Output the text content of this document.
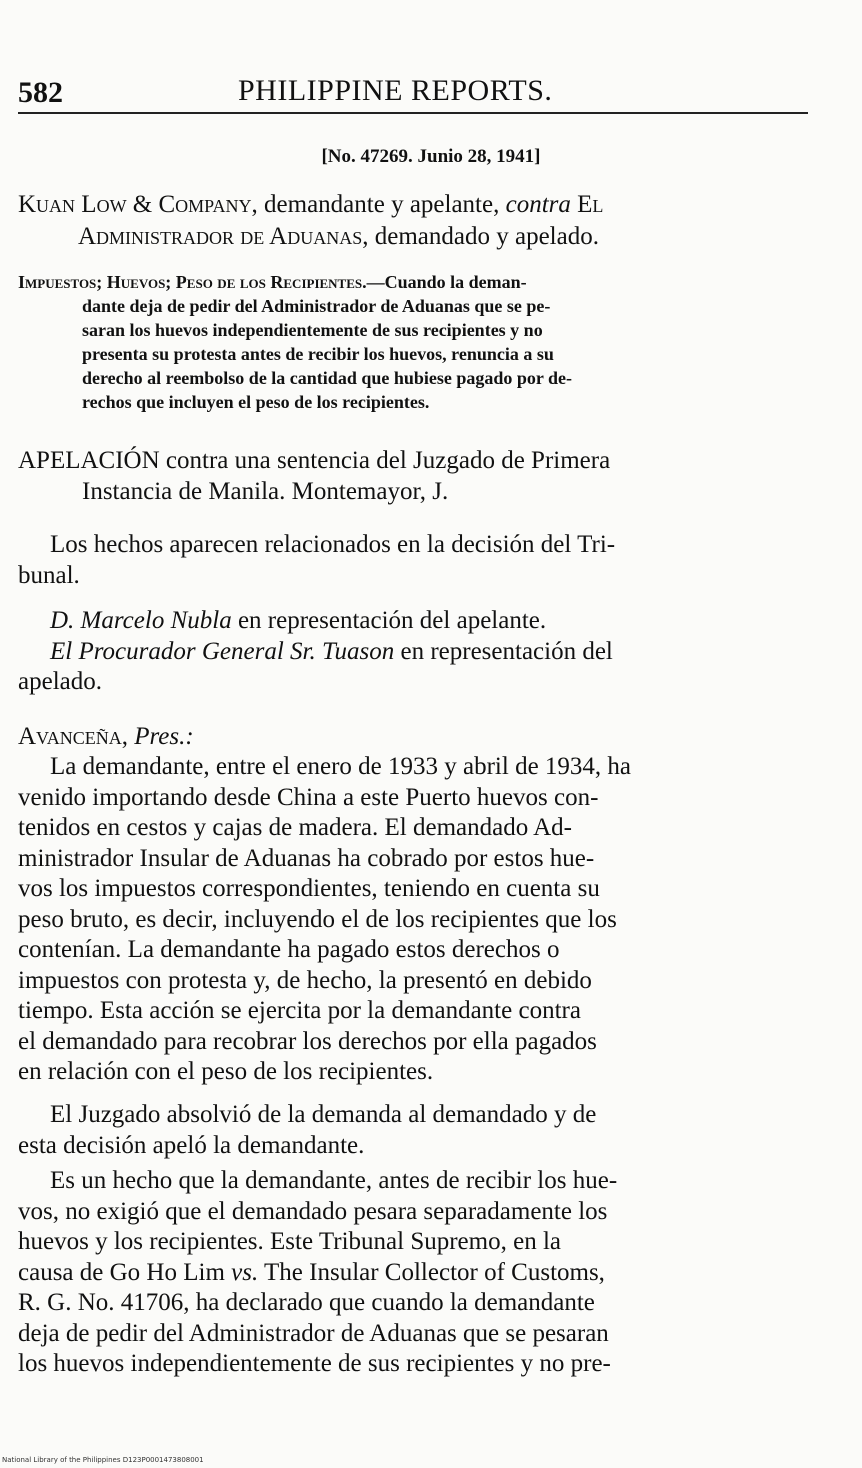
582	PHILIPPINE REPORTS.
[No. 47269. Junio 28, 1941]
Kuan Low & Company, demandante y apelante, contra El
Administrador de Aduanas, demandado y apelado.
Impuestos; Huevos; Peso de los Recipientes.—Cuando la deman-
dante deja de pedir del Administrador de Aduanas que se pe-
saran los huevos independientemente de sus recipientes y no
presenta su protesta antes de recibir los huevos, renuncia a su
derecho al reembolso de la cantidad que hubiese pagado por de-
rechos que incluyen el peso de los recipientes.
APELACIÓN contra una sentencia del Juzgado de Primera
Instancia de Manila. Montemayor, J.
Los hechos aparecen relacionados en la decisión del Tri-
bunal.
D. Marcelo Nubla en representación del apelante.
El Procurador General Sr. Tuason en representación del
apelado.
Avanceña, Pres.:
La demandante, entre el enero de 1933 y abril de 1934, ha
venido importando desde China a este Puerto huevos con-
tenidos en cestos y cajas de madera. El demandado Ad-
ministrador Insular de Aduanas ha cobrado por estos hue-
vos los impuestos correspondientes, teniendo en cuenta su
peso bruto, es decir, incluyendo el de los recipientes que los
contenían. La demandante ha pagado estos derechos o
impuestos con protesta y, de hecho, la presentó en debido
tiempo. Esta acción se ejercita por la demandante contra
el demandado para recobrar los derechos por ella pagados
en relación con el peso de los recipientes.
El Juzgado absolvió de la demanda al demandado y de
esta decisión apeló la demandante.
Es un hecho que la demandante, antes de recibir los hue-
vos, no exigió que el demandado pesara separadamente los
huevos y los recipientes. Este Tribunal Supremo, en la
causa de Go Ho Lim vs. The Insular Collector of Customs,
R. G. No. 41706, ha declarado que cuando la demandante
deja de pedir del Administrador de Aduanas que se pesaran
los huevos independientemente de sus recipientes y no pre-
National Library of the Philippines D123P0001473808001
